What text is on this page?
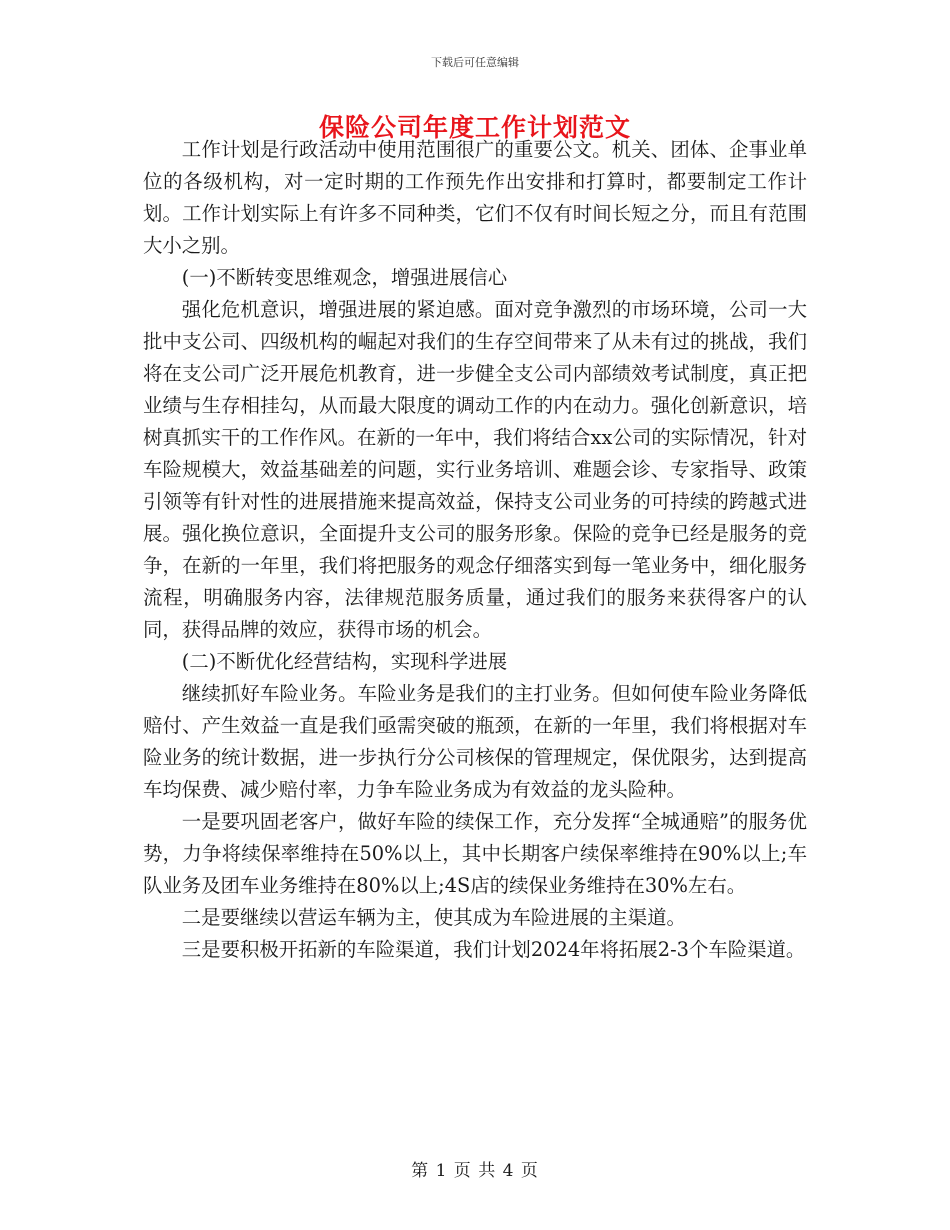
下载后可任意编辑
保险公司年度工作计划范文

工作计划是行政活动中使用范围很广的重要公文。机关、团体、企事业单位的各级机构，对一定时期的工作预先作出安排和打算时，都要制定工作计划。工作计划实际上有许多不同种类，它们不仅有时间长短之分，而且有范围大小之别。

(一)不断转变思维观念，增强进展信心

强化危机意识，增强进展的紧迫感。面对竞争激烈的市场环境，公司一大批中支公司、四级机构的崛起对我们的生存空间带来了从未有过的挑战，我们将在支公司广泛开展危机教育，进一步健全支公司内部绩效考试制度，真正把业绩与生存相挂勾，从而最大限度的调动工作的内在动力。强化创新意识，培树真抓实干的工作作风。在新的一年中，我们将结合xx公司的实际情况，针对车险规模大，效益基础差的问题，实行业务培训、难题会诊、专家指导、政策引领等有针对性的进展措施来提高效益，保持支公司业务的可持续的跨越式进展。强化换位意识，全面提升支公司的服务形象。保险的竞争已经是服务的竞争，在新的一年里，我们将把服务的观念仔细落实到每一笔业务中，细化服务流程，明确服务内容，法律规范服务质量，通过我们的服务来获得客户的认同，获得品牌的效应，获得市场的机会。

(二)不断优化经营结构，实现科学进展

继续抓好车险业务。车险业务是我们的主打业务。但如何使车险业务降低赔付、产生效益一直是我们亟需突破的瓶颈，在新的一年里，我们将根据对车险业务的统计数据，进一步执行分公司核保的管理规定，保优限劣，达到提高车均保费、减少赔付率，力争车险业务成为有效益的龙头险种。

一是要巩固老客户，做好车险的续保工作，充分发挥“全城通赔”的服务优势，力争将续保率维持在50%以上，其中长期客户续保率维持在90%以上;车队业务及团车业务维持在80%以上;4S店的续保业务维持在30%左右。

二是要继续以营运车辆为主，使其成为车险进展的主渠道。

三是要积极开拓新的车险渠道，我们计划2024年将拓展2-3个车险渠道。

第 1 页 共 4 页
